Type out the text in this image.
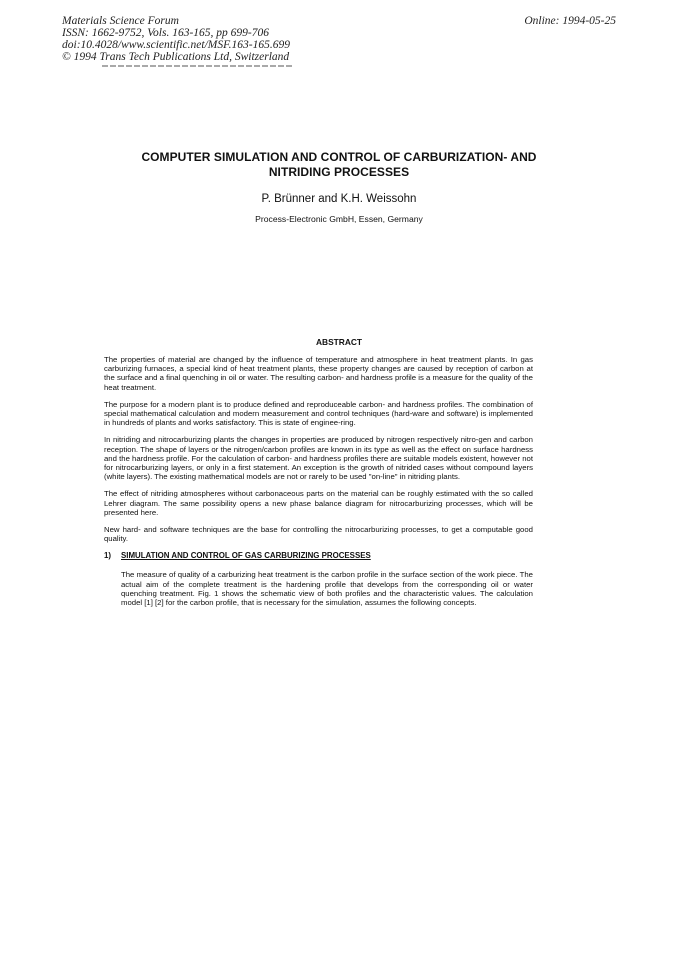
Materials Science Forum
ISSN: 1662-9752, Vols. 163-165, pp 699-706
doi:10.4028/www.scientific.net/MSF.163-165.699
© 1994 Trans Tech Publications Ltd, Switzerland
Online: 1994-05-25
COMPUTER SIMULATION AND CONTROL OF CARBURIZATION- AND
NITRIDING PROCESSES
P. Brünner and K.H. Weissohn
Process-Electronic GmbH, Essen, Germany
ABSTRACT

The properties of material are changed by the influence of temperature and atmosphere in heat treatment plants. In gas carburizing furnaces, a special kind of heat treatment plants, these property changes are caused by reception of carbon at the surface and a final quenching in oil or water. The resulting carbon- and hardness profile is a measure for the quality of the heat treatment.

The purpose for a modern plant is to produce defined and reproduceable carbon- and hardness profiles. The combination of special mathematical calculation and modern measurement and control techniques (hard-ware and software) is implemented in hundreds of plants and works satisfactory. This is state of enginee-ring.

In nitriding and nitrocarburizing plants the changes in properties are produced by nitrogen respectively nitro-gen and carbon reception. The shape of layers or the nitrogen/carbon profiles are known in its type as well as the effect on surface hardness and the hardness profile. For the calculation of carbon- and hardness profiles there are suitable models existent, however not for nitrocarburizing layers, or only in a first statement. An exception is the growth of nitrided cases without compound layers (white layers). The existing mathematical models are not or rarely to be used "on-line" in nitriding plants.

The effect of nitriding atmospheres without carbonaceous parts on the material can be roughly estimated with the so called Lehrer diagram. The same possibility opens a new phase balance diagram for nitrocarburizing processes, which will be presented here.

New hard- and software techniques are the base for controlling the nitrocarburizing processes, to get a computable good quality.

1) SIMULATION AND CONTROL OF GAS CARBURIZING PROCESSES

The measure of quality of a carburizing heat treatment is the carbon profile in the surface section of the work piece. The actual aim of the complete treatment is the hardening profile that develops from the corresponding oil or water quenching treatment. Fig. 1 shows the schematic view of both profiles and the characteristic values. The calculation model [1] [2] for the carbon profile, that is necessary for the simulation, assumes the following concepts.
